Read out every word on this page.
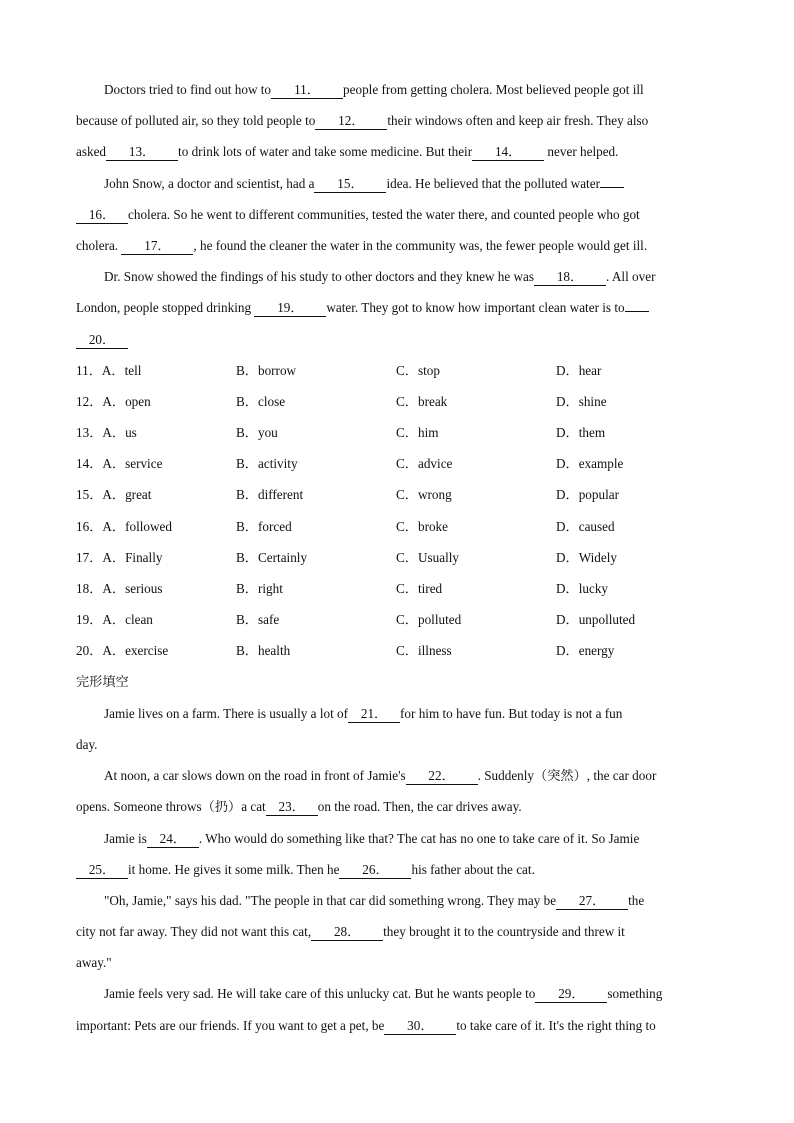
Doctors tried to find out how to 11． people from getting cholera. Most believed people got ill
because of polluted air, so they told people to 12． their windows often and keep air fresh. They also
asked 13． to drink lots of water and take some medicine. But their 14． never helped.
John Snow, a doctor and scientist, had a 15． idea. He believed that the polluted water
16． cholera. So he went to different communities, tested the water there, and counted people who got
cholera. 17． , he found the cleaner the water in the community was, the fewer people would get ill.
Dr. Snow showed the findings of his study to other doctors and they knew he was 18． . All over
London, people stopped drinking 19． water. They got to know how important clean water is to
20．
11．A．tell	B．borrow	C．stop	D．hear
12．A．open	B．close	C．break	D．shine
13．A．us	B．you	C．him	D．them
14．A．service	B．activity	C．advice	D．example
15．A．great	B．different	C．wrong	D．popular
16．A．followed	B．forced	C．broke	D．caused
17．A．Finally	B．Certainly	C．Usually	D．Widely
18．A．serious	B．right	C．tired	D．lucky
19．A．clean	B．safe	C．polluted	D．unpolluted
20．A．exercise	B．health	C．illness	D．energy
完形填空
Jamie lives on a farm. There is usually a lot of 21． for him to have fun. But today is not a fun
day.
At noon, a car slows down on the road in front of Jamie's 22． . Suddenly（突然）, the car door
opens. Someone throws（扔）a cat 23． on the road. Then, the car drives away.
Jamie is 24． . Who would do something like that? The cat has no one to take care of it. So Jamie
25． it home. He gives it some milk. Then he 26． his father about the cat.
"Oh, Jamie," says his dad. "The people in that car did something wrong. They may be 27． the
city not far away. They did not want this cat, 28． they brought it to the countryside and threw it
away."
Jamie feels very sad. He will take care of this unlucky cat. But he wants people to 29． something
important: Pets are our friends. If you want to get a pet, be 30． to take care of it. It's the right thing to
